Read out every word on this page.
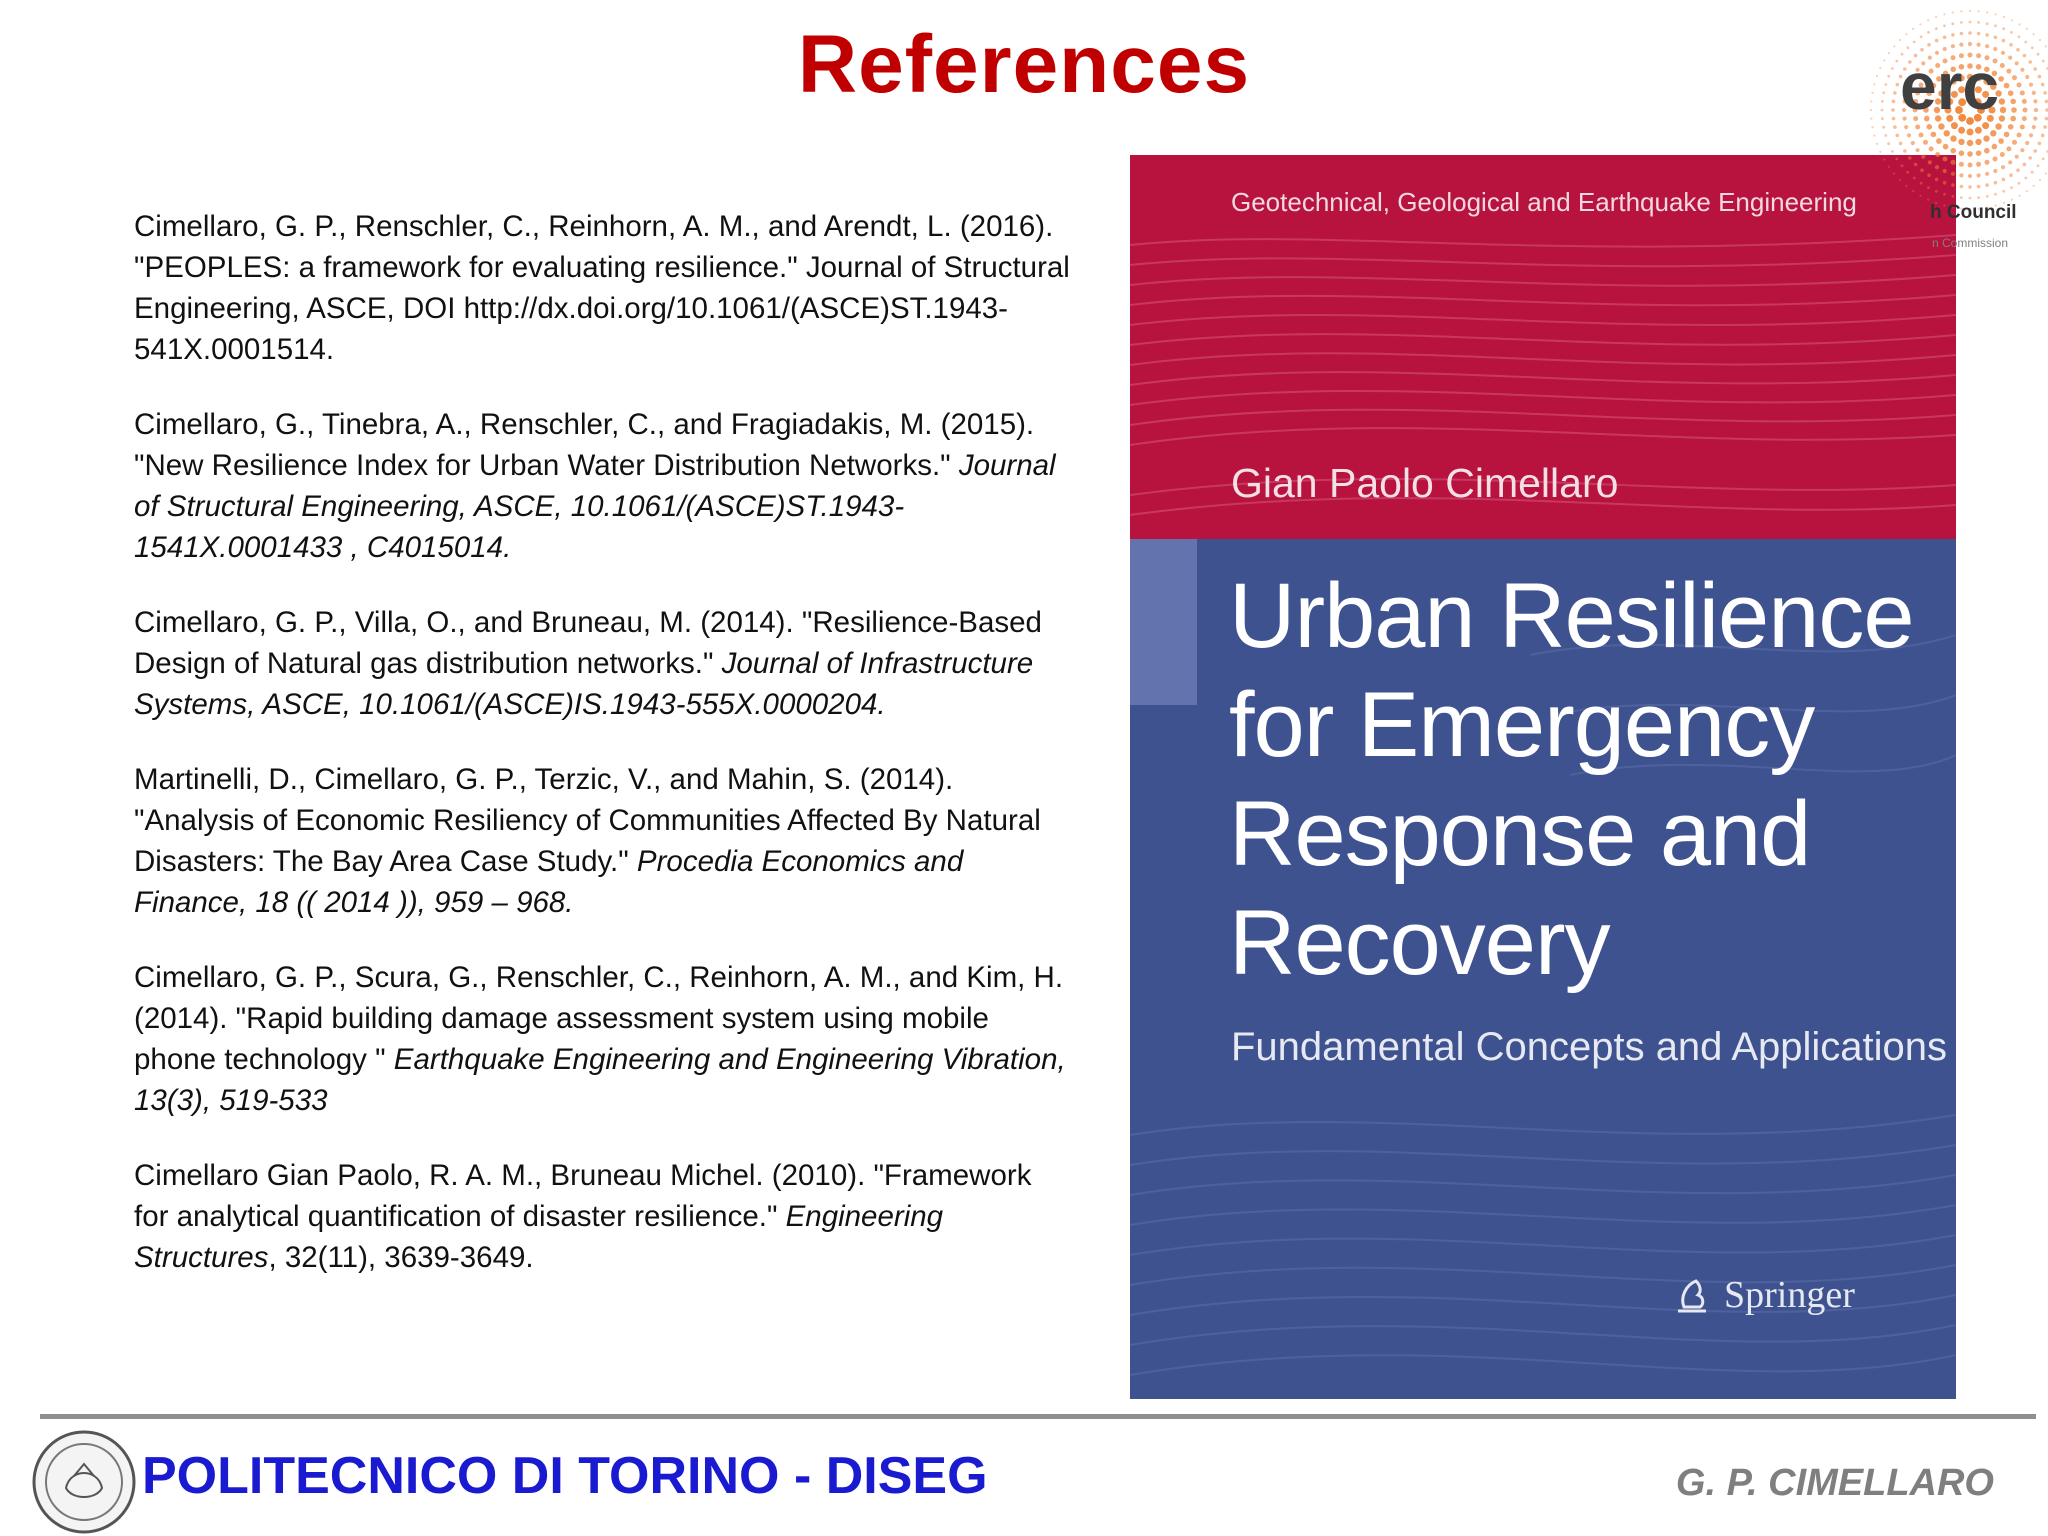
References

Cimellaro, G. P., Renschler, C., Reinhorn, A. M., and Arendt, L. (2016). "PEOPLES: a framework for evaluating resilience." Journal of Structural Engineering, ASCE, DOI http://dx.doi.org/10.1061/(ASCE)ST.1943-541X.0001514.

Cimellaro, G., Tinebra, A., Renschler, C., and Fragiadakis, M. (2015). "New Resilience Index for Urban Water Distribution Networks." Journal of Structural Engineering, ASCE, 10.1061/(ASCE)ST.1943-1541X.0001433 , C4015014.

Cimellaro, G. P., Villa, O., and Bruneau, M. (2014). "Resilience-Based Design of Natural gas distribution networks." Journal of Infrastructure Systems, ASCE, 10.1061/(ASCE)IS.1943-555X.0000204.

Martinelli, D., Cimellaro, G. P., Terzic, V., and Mahin, S. (2014). "Analysis of Economic Resiliency of Communities Affected By Natural Disasters: The Bay Area Case Study." Procedia Economics and Finance, 18 (( 2014 )), 959 – 968.

Cimellaro, G. P., Scura, G., Renschler, C., Reinhorn, A. M., and Kim, H. (2014). "Rapid building damage assessment system using mobile phone technology " Earthquake Engineering and Engineering Vibration, 13(3), 519-533

Cimellaro Gian Paolo, R. A. M., Bruneau Michel. (2010). "Framework for analytical quantification of disaster resilience." Engineering Structures, 32(11), 3639-3649.

Geotechnical, Geological and Earthquake Engineering
Gian Paolo Cimellaro
Urban Resilience
for Emergency
Response and
Recovery
Fundamental Concepts and Applications
Springer
erc
h Council
n Commission
POLITECNICO DI TORINO - DISEG	G. P. CIMELLARO
